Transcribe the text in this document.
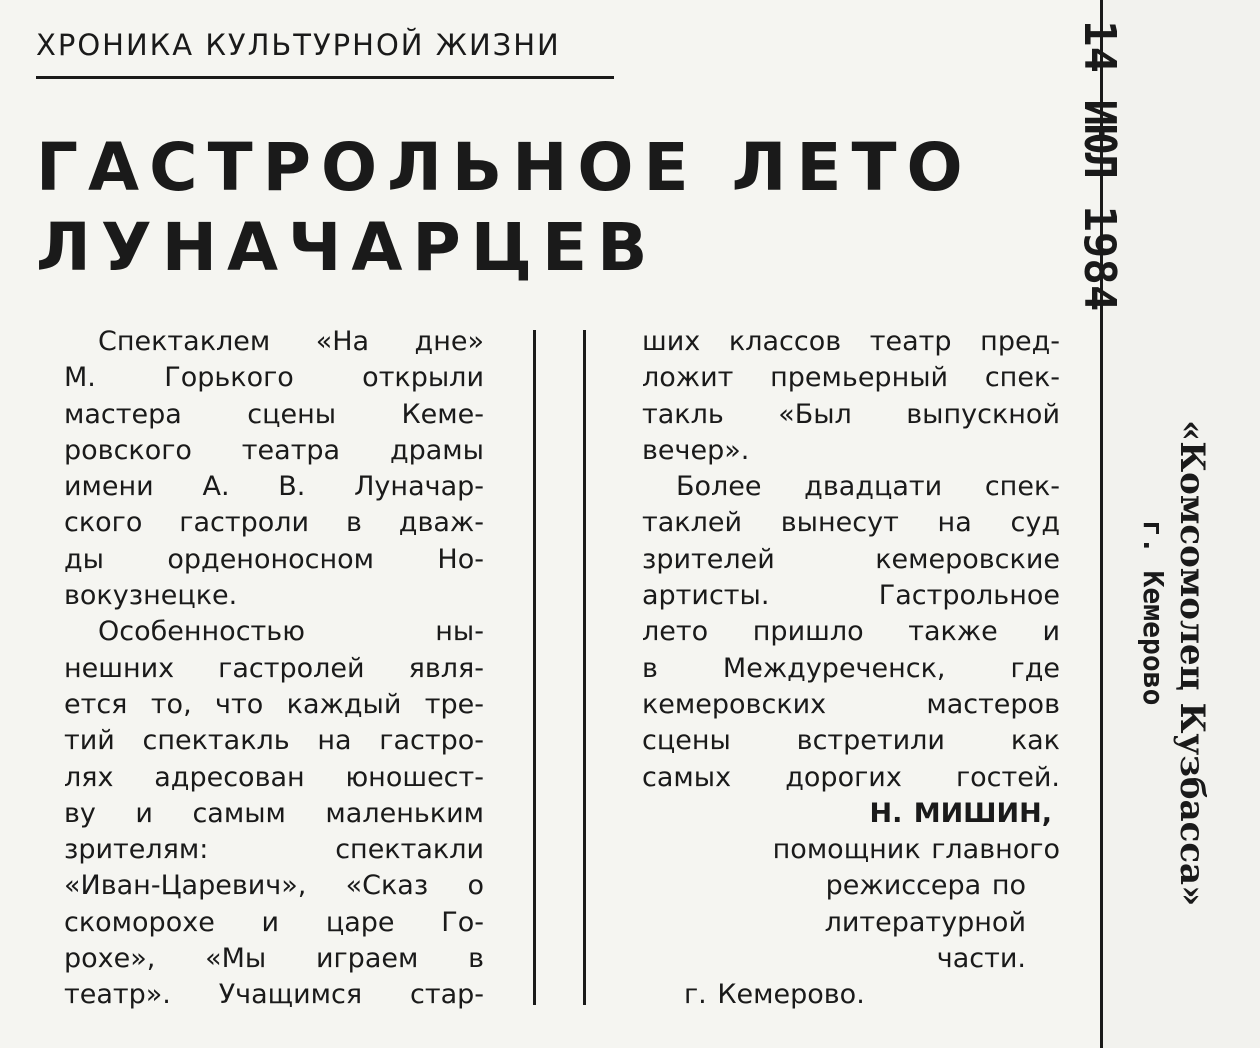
ХРОНИКА КУЛЬТУРНОЙ ЖИЗНИ
ГАСТРОЛЬНОЕ ЛЕТО
ЛУНАЧАРЦЕВ
Спектаклем «На дне»
М. Горького открыли
мастера сцены Кеме-
ровского театра драмы
имени А. В. Луначар-
ского гастроли в дваж-
ды орденоносном Но-
вокузнецке.
Особенностью ны-
нешних гастролей явля-
ется то, что каждый тре-
тий спектакль на гастро-
лях адресован юношест-
ву и самым маленьким
зрителям: спектакли
«Иван-Царевич», «Сказ о
скоморохе и царе Го-
рохе», «Мы играем в
театр». Учащимся стар-
ших классов театр пред-
ложит премьерный спек-
такль «Был выпускной
вечер».
Более двадцати спек-
таклей вынесут на суд
зрителей кемеровские
артисты. Гастрольное
лето пришло также и
в Междуреченск, где
кемеровских мастеров
сцены встретили как
самых дорогих гостей.
Н. МИШИН,
помощник главного
режиссера по
литературной
части.
г. Кемерово.
14 ИЮЛ 1984
«Комсомолец Кузбасса»
г. Кемерово
